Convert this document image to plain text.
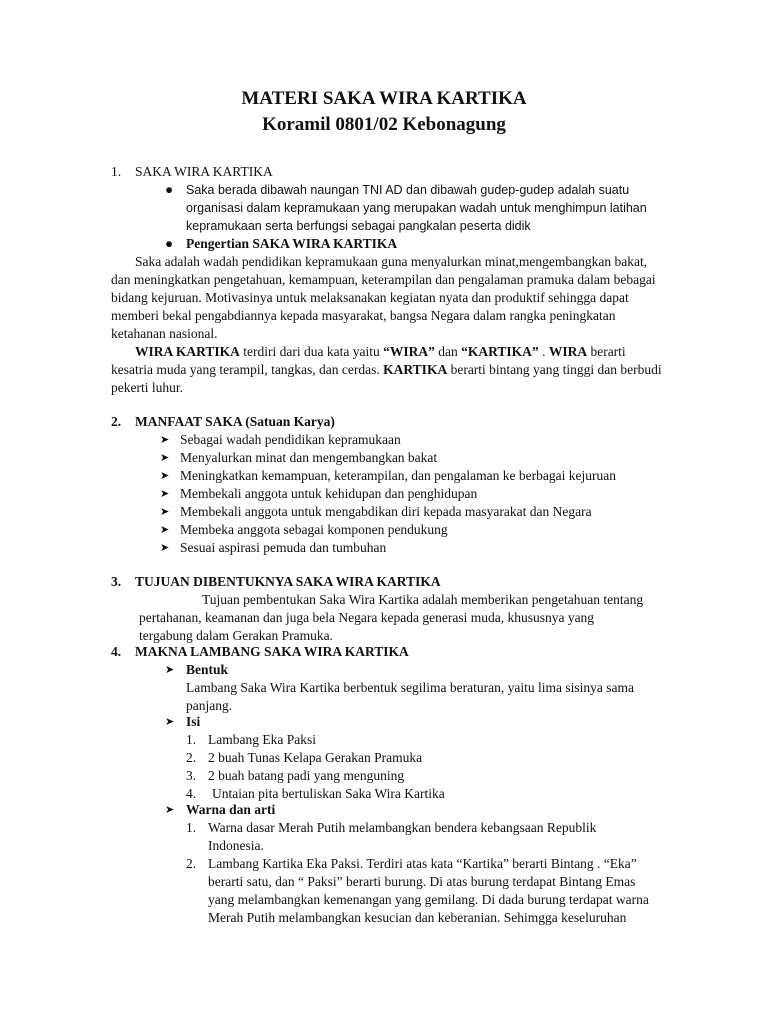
MATERI SAKA WIRA KARTIKA
Koramil 0801/02 Kebonagung
1. SAKA WIRA KARTIKA
● Saka berada dibawah naungan TNI AD dan dibawah gudep-gudep adalah suatu
organisasi dalam kepramukaan yang merupakan wadah untuk menghimpun latihan
kepramukaan serta berfungsi sebagai pangkalan peserta didik
● Pengertian SAKA WIRA KARTIKA
Saka adalah wadah pendidikan kepramukaan guna menyalurkan minat,mengembangkan bakat,
dan meningkatkan pengetahuan, kemampuan, keterampilan dan pengalaman pramuka dalam bebagai
bidang kejuruan. Motivasinya untuk melaksanakan kegiatan nyata dan produktif sehingga dapat
memberi bekal pengabdiannya kepada masyarakat, bangsa Negara dalam rangka peningkatan
ketahanan nasional.
WIRA KARTIKA terdiri dari dua kata yaitu “WIRA” dan “KARTIKA” . WIRA berarti
kesatria muda yang terampil, tangkas, dan cerdas. KARTIKA berarti bintang yang tinggi dan berbudi
pekerti luhur.
2. MANFAAT SAKA (Satuan Karya)
➤ Sebagai wadah pendidikan kepramukaan
➤ Menyalurkan minat dan mengembangkan bakat
➤ Meningkatkan kemampuan, keterampilan, dan pengalaman ke berbagai kejuruan
➤ Membekali anggota untuk kehidupan dan penghidupan
➤ Membekali anggota untuk mengabdikan diri kepada masyarakat dan Negara
➤ Membeka anggota sebagai komponen pendukung
➤ Sesuai aspirasi pemuda dan tumbuhan
3. TUJUAN DIBENTUKNYA SAKA WIRA KARTIKA
Tujuan pembentukan Saka Wira Kartika adalah memberikan pengetahuan tentang
pertahanan, keamanan dan juga bela Negara kepada generasi muda, khususnya yang
tergabung dalam Gerakan Pramuka.
4. MAKNA LAMBANG SAKA WIRA KARTIKA
➤ Bentuk
Lambang Saka Wira Kartika berbentuk segilima beraturan, yaitu lima sisinya sama
panjang.
➤ Isi
1. Lambang Eka Paksi
2. 2 buah Tunas Kelapa Gerakan Pramuka
3. 2 buah batang padi yang menguning
4. Untaian pita bertuliskan Saka Wira Kartika
➤ Warna dan arti
1. Warna dasar Merah Putih melambangkan bendera kebangsaan Republik
Indonesia.
2. Lambang Kartika Eka Paksi. Terdiri atas kata “Kartika” berarti Bintang . “Eka”
berarti satu, dan “ Paksi” berarti burung. Di atas burung terdapat Bintang Emas
yang melambangkan kemenangan yang gemilang. Di dada burung terdapat warna
Merah Putih melambangkan kesucian dan keberanian. Sehimgga keseluruhan
